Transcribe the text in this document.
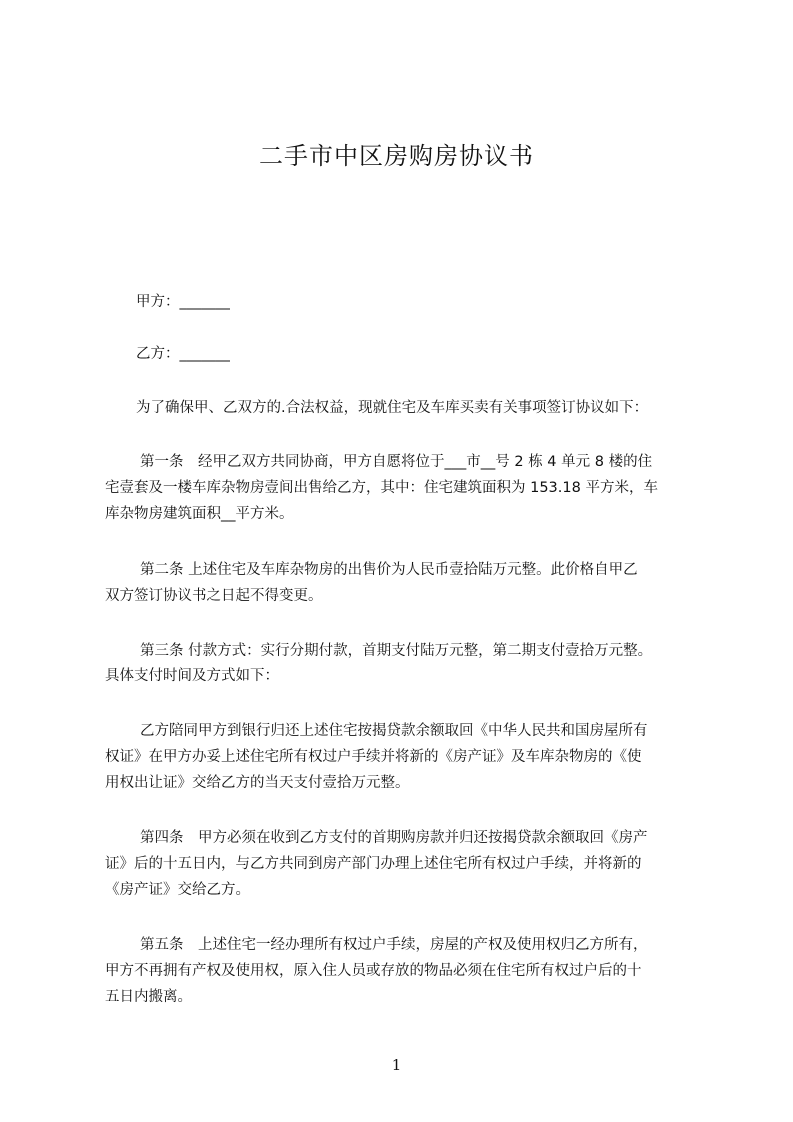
二手市中区房购房协议书
甲方：_______
乙方：_______
为了确保甲、乙双方的.合法权益，现就住宅及车库买卖有关事项签订协议如下：
第一条　经甲乙双方共同协商，甲方自愿将位于___市__号 2 栋 4 单元 8 楼的住
宅壹套及一楼车库杂物房壹间出售给乙方，其中：住宅建筑面积为 153.18 平方米，车
库杂物房建筑面积__平方米。
第二条 上述住宅及车库杂物房的出售价为人民币壹拾陆万元整。此价格自甲乙
双方签订协议书之日起不得变更。
第三条 付款方式：实行分期付款，首期支付陆万元整，第二期支付壹拾万元整。
具体支付时间及方式如下：
乙方陪同甲方到银行归还上述住宅按揭贷款余额取回《中华人民共和国房屋所有
权证》在甲方办妥上述住宅所有权过户手续并将新的《房产证》及车库杂物房的《使
用权出让证》交给乙方的当天支付壹拾万元整。
第四条　甲方必须在收到乙方支付的首期购房款并归还按揭贷款余额取回《房产
证》后的十五日内，与乙方共同到房产部门办理上述住宅所有权过户手续，并将新的
《房产证》交给乙方。
第五条　上述住宅一经办理所有权过户手续，房屋的产权及使用权归乙方所有，
甲方不再拥有产权及使用权，原入住人员或存放的物品必须在住宅所有权过户后的十
五日内搬离。
1
